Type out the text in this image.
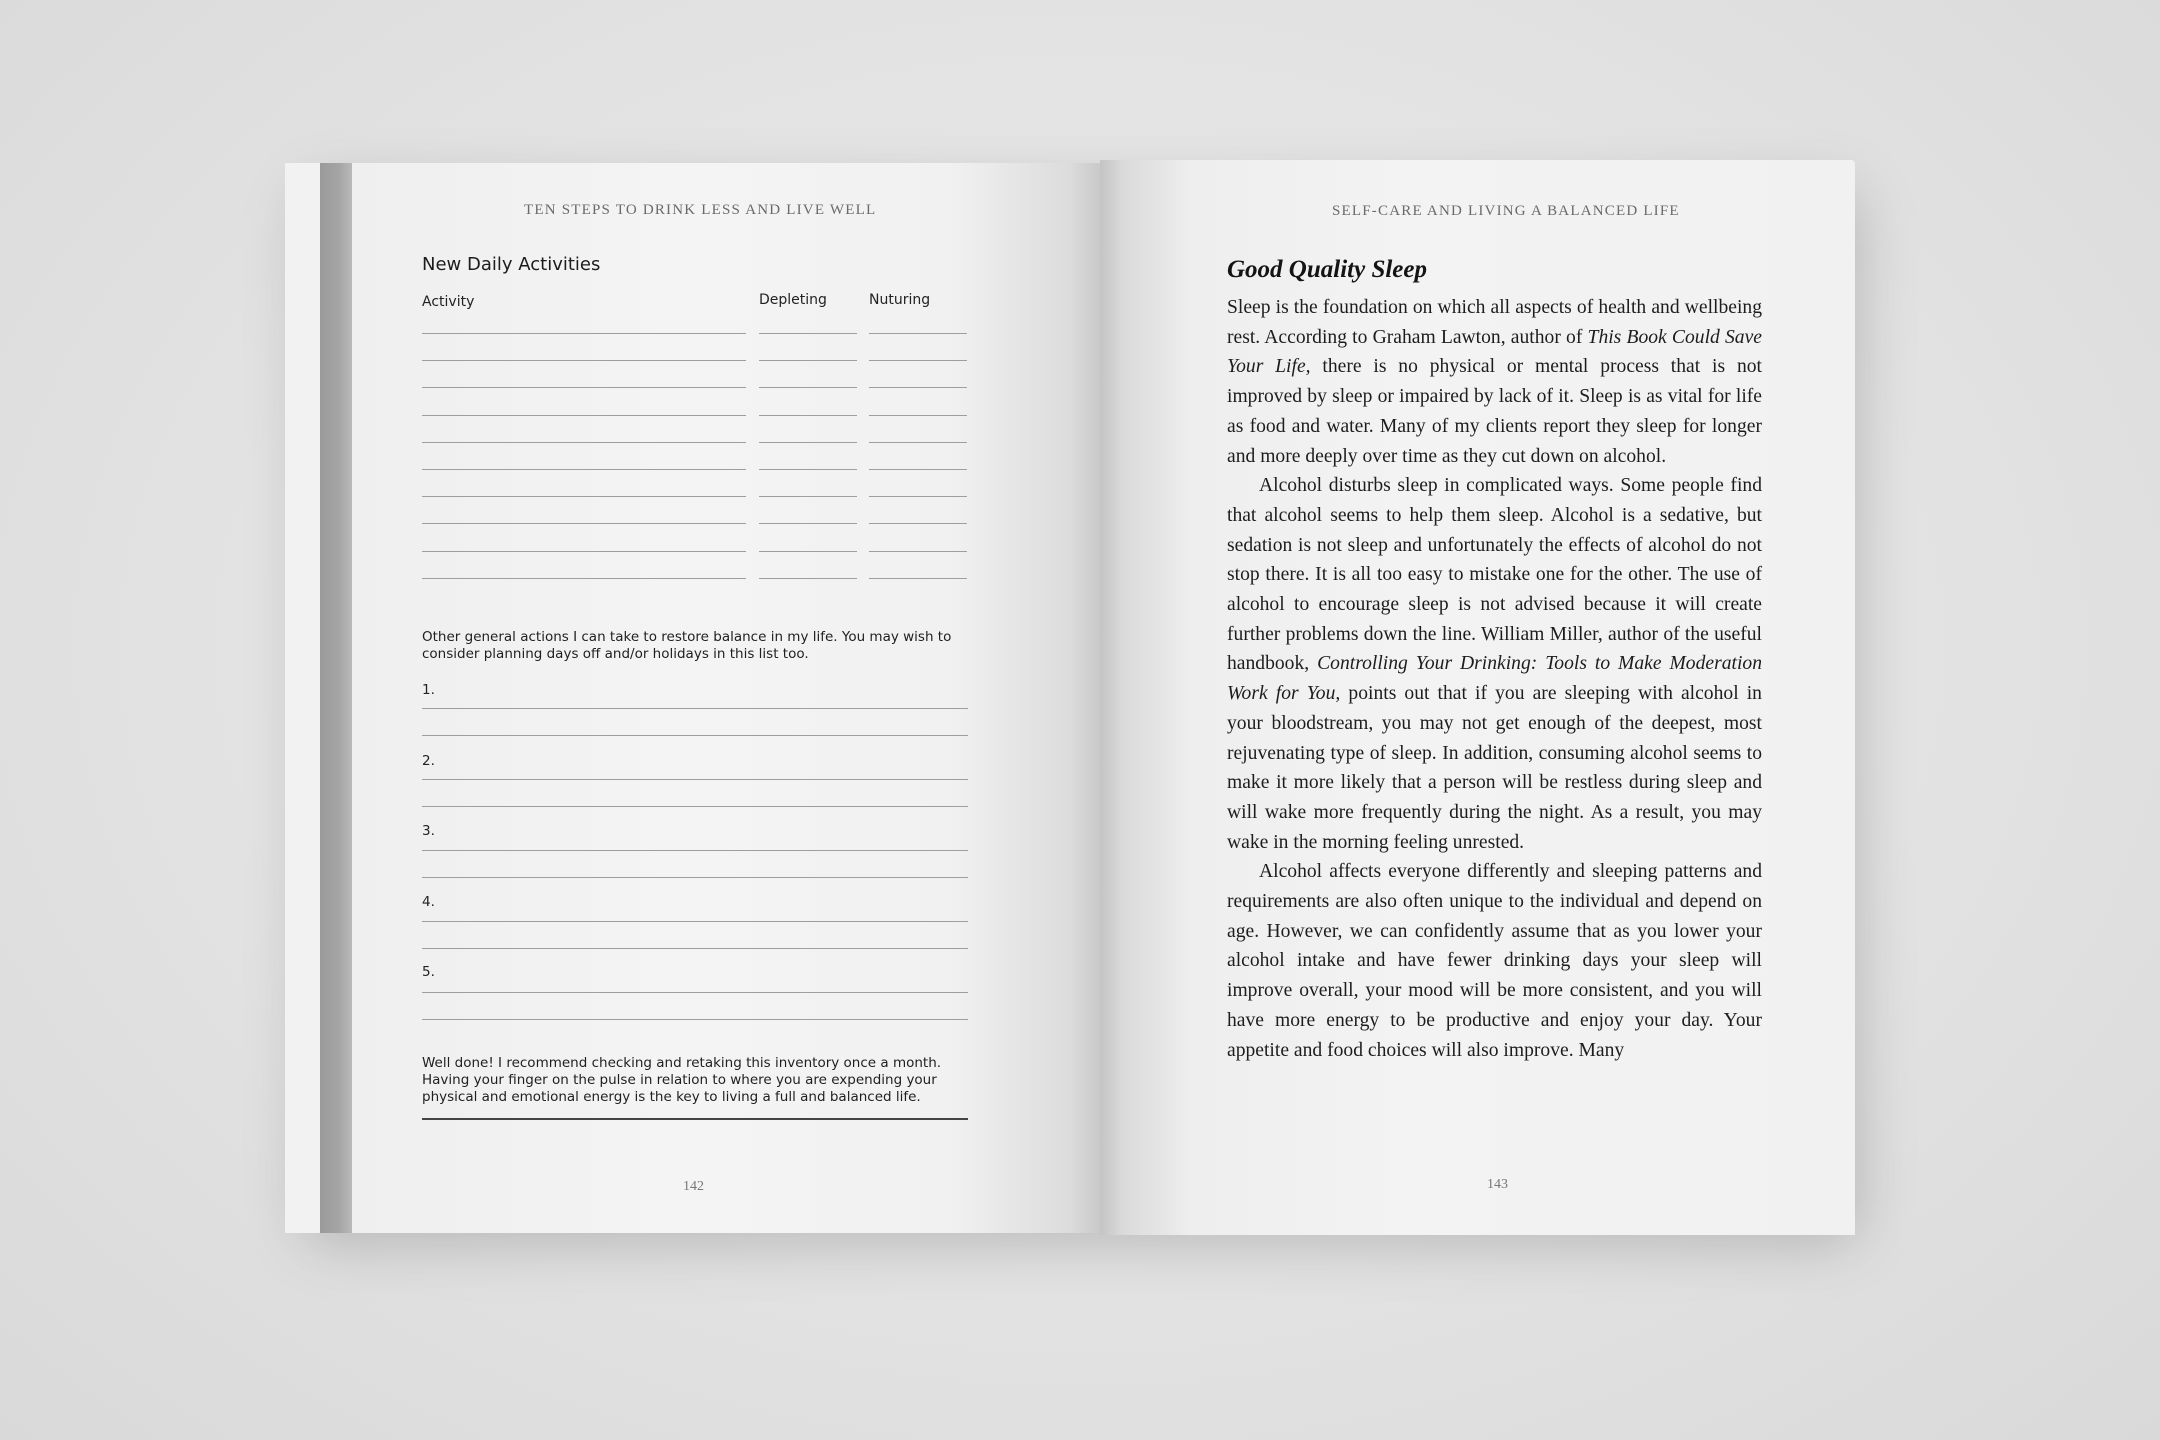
TEN STEPS TO DRINK LESS AND LIVE WELL
New Daily Activities
Activity	Depleting	Nuturing
Other general actions I can take to restore balance in my life. You may wish to consider planning days off and/or holidays in this list too.
1.
2.
3.
4.
5.
Well done! I recommend checking and retaking this inventory once a month. Having your finger on the pulse in relation to where you are expending your physical and emotional energy is the key to living a full and balanced life.
142
SELF-CARE AND LIVING A BALANCED LIFE
Good Quality Sleep

Sleep is the foundation on which all aspects of health and wellbeing rest. According to Graham Lawton, author of This Book Could Save Your Life, there is no physical or mental process that is not improved by sleep or impaired by lack of it. Sleep is as vital for life as food and water. Many of my clients report they sleep for longer and more deeply over time as they cut down on alcohol.

Alcohol disturbs sleep in complicated ways. Some people find that alcohol seems to help them sleep. Alcohol is a sedative, but sedation is not sleep and unfortunately the effects of alcohol do not stop there. It is all too easy to mistake one for the other. The use of alcohol to encourage sleep is not advised because it will create further problems down the line. William Miller, author of the useful handbook, Controlling Your Drinking: Tools to Make Moderation Work for You, points out that if you are sleeping with alcohol in your bloodstream, you may not get enough of the deepest, most rejuvenating type of sleep. In addition, consuming alcohol seems to make it more likely that a person will be restless during sleep and will wake more frequently during the night. As a result, you may wake in the morning feeling unrested.

Alcohol affects everyone differently and sleeping patterns and requirements are also often unique to the individual and depend on age. However, we can confidently assume that as you lower your alcohol intake and have fewer drinking days your sleep will improve overall, your mood will be more consistent, and you will have more energy to be productive and enjoy your day. Your appetite and food choices will also improve. Many

143
